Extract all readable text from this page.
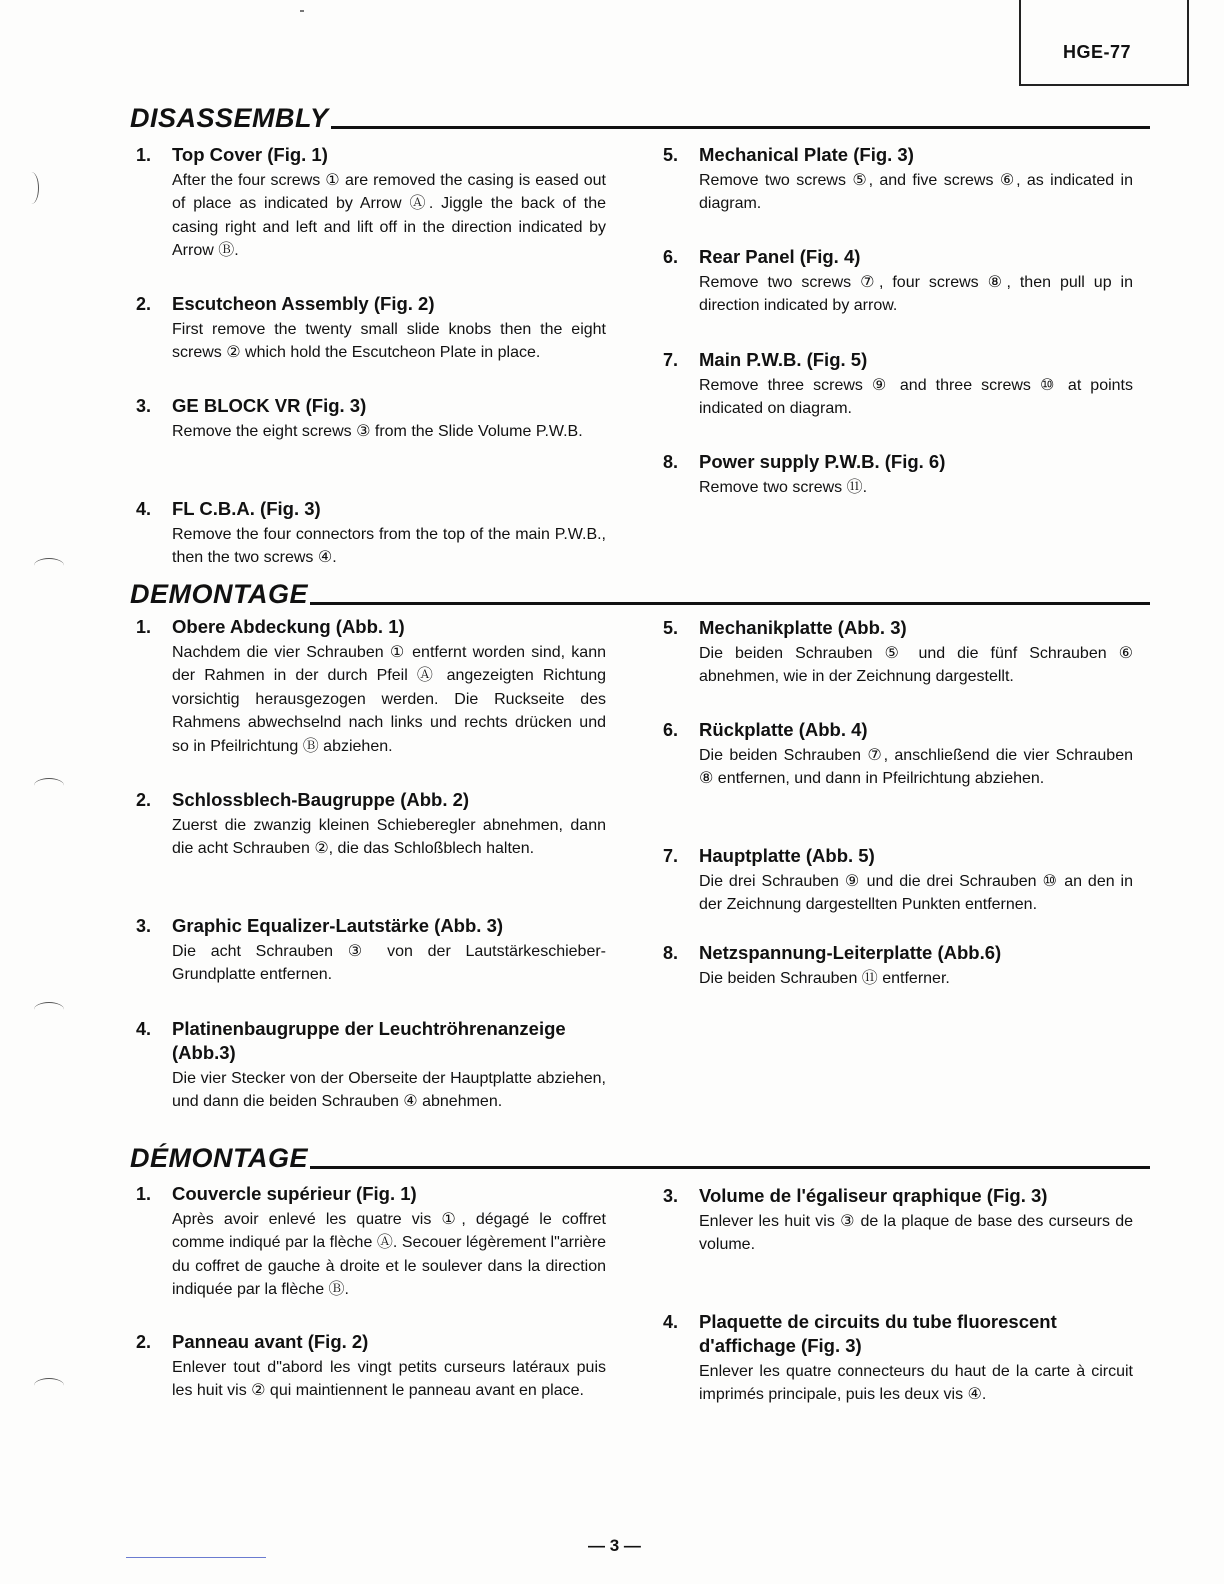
HGE-77
DISASSEMBLY
1. Top Cover (Fig. 1)

After the four screws ① are removed the casing is eased out of place as indicated by Arrow Ⓐ. Jiggle the back of the casing right and left and lift off in the direction indicated by Arrow Ⓑ.

2. Escutcheon Assembly (Fig. 2)

First remove the twenty small slide knobs then the eight screws ② which hold the Escutcheon Plate in place.

3. GE BLOCK VR (Fig. 3)

Remove the eight screws ③ from the Slide Volume P.W.B.

4. FL C.B.A. (Fig. 3)

Remove the four connectors from the top of the main P.W.B., then the two screws ④.

5. Mechanical Plate (Fig. 3)

Remove two screws ⑤, and five screws ⑥, as indicated in diagram.

6. Rear Panel (Fig. 4)

Remove two screws ⑦, four screws ⑧, then pull up in direction indicated by arrow.

7. Main P.W.B. (Fig. 5)

Remove three screws ⑨ and three screws ⑩ at points indicated on diagram.

8. Power supply P.W.B. (Fig. 6)

Remove two screws ⑪.

DEMONTAGE
1. Obere Abdeckung (Abb. 1)

Nachdem die vier Schrauben ① entfernt worden sind, kann der Rahmen in der durch Pfeil Ⓐ angezeigten Richtung vorsichtig herausgezogen werden. Die Ruckseite des Rahmens abwechselnd nach links und rechts drücken und so in Pfeilrichtung Ⓑ abziehen.

2. Schlossblech-Baugruppe (Abb. 2)

Zuerst die zwanzig kleinen Schieberegler abnehmen, dann die acht Schrauben ②, die das Schloßblech halten.

3. Graphic Equalizer-Lautstärke (Abb. 3)

Die acht Schrauben ③ von der Lautstärkeschieber-Grundplatte entfernen.

4. Platinenbaugruppe der Leuchtröhrenanzeige (Abb.3)

Die vier Stecker von der Oberseite der Hauptplatte abziehen, und dann die beiden Schrauben ④ abnehmen.

5. Mechanikplatte (Abb. 3)

Die beiden Schrauben ⑤ und die fünf Schrauben ⑥ abnehmen, wie in der Zeichnung dargestellt.

6. Rückplatte (Abb. 4)

Die beiden Schrauben ⑦, anschließend die vier Schrauben ⑧ entfernen, und dann in Pfeilrichtung abziehen.

7. Hauptplatte (Abb. 5)

Die drei Schrauben ⑨ und die drei Schrauben ⑩ an den in der Zeichnung dargestellten Punkten entfernen.

8. Netzspannung-Leiterplatte (Abb.6)

Die beiden Schrauben ⑪ entferner.

DÉMONTAGE
1. Couvercle supérieur (Fig. 1)

Après avoir enlevé les quatre vis ①, dégagé le coffret comme indiqué par la flèche Ⓐ. Secouer légèrement l"arrière du coffret de gauche à droite et le soulever dans la direction indiquée par la flèche Ⓑ.

2. Panneau avant (Fig. 2)

Enlever tout d"abord les vingt petits curseurs latéraux puis les huit vis ② qui maintiennent le panneau avant en place.

3. Volume de l'égaliseur qraphique (Fig. 3)

Enlever les huit vis ③ de la plaque de base des curseurs de volume.

4. Plaquette de circuits du tube fluorescent d'affichage (Fig. 3)

Enlever les quatre connecteurs du haut de la carte à circuit imprimés principale, puis les deux vis ④.

— 3 —
